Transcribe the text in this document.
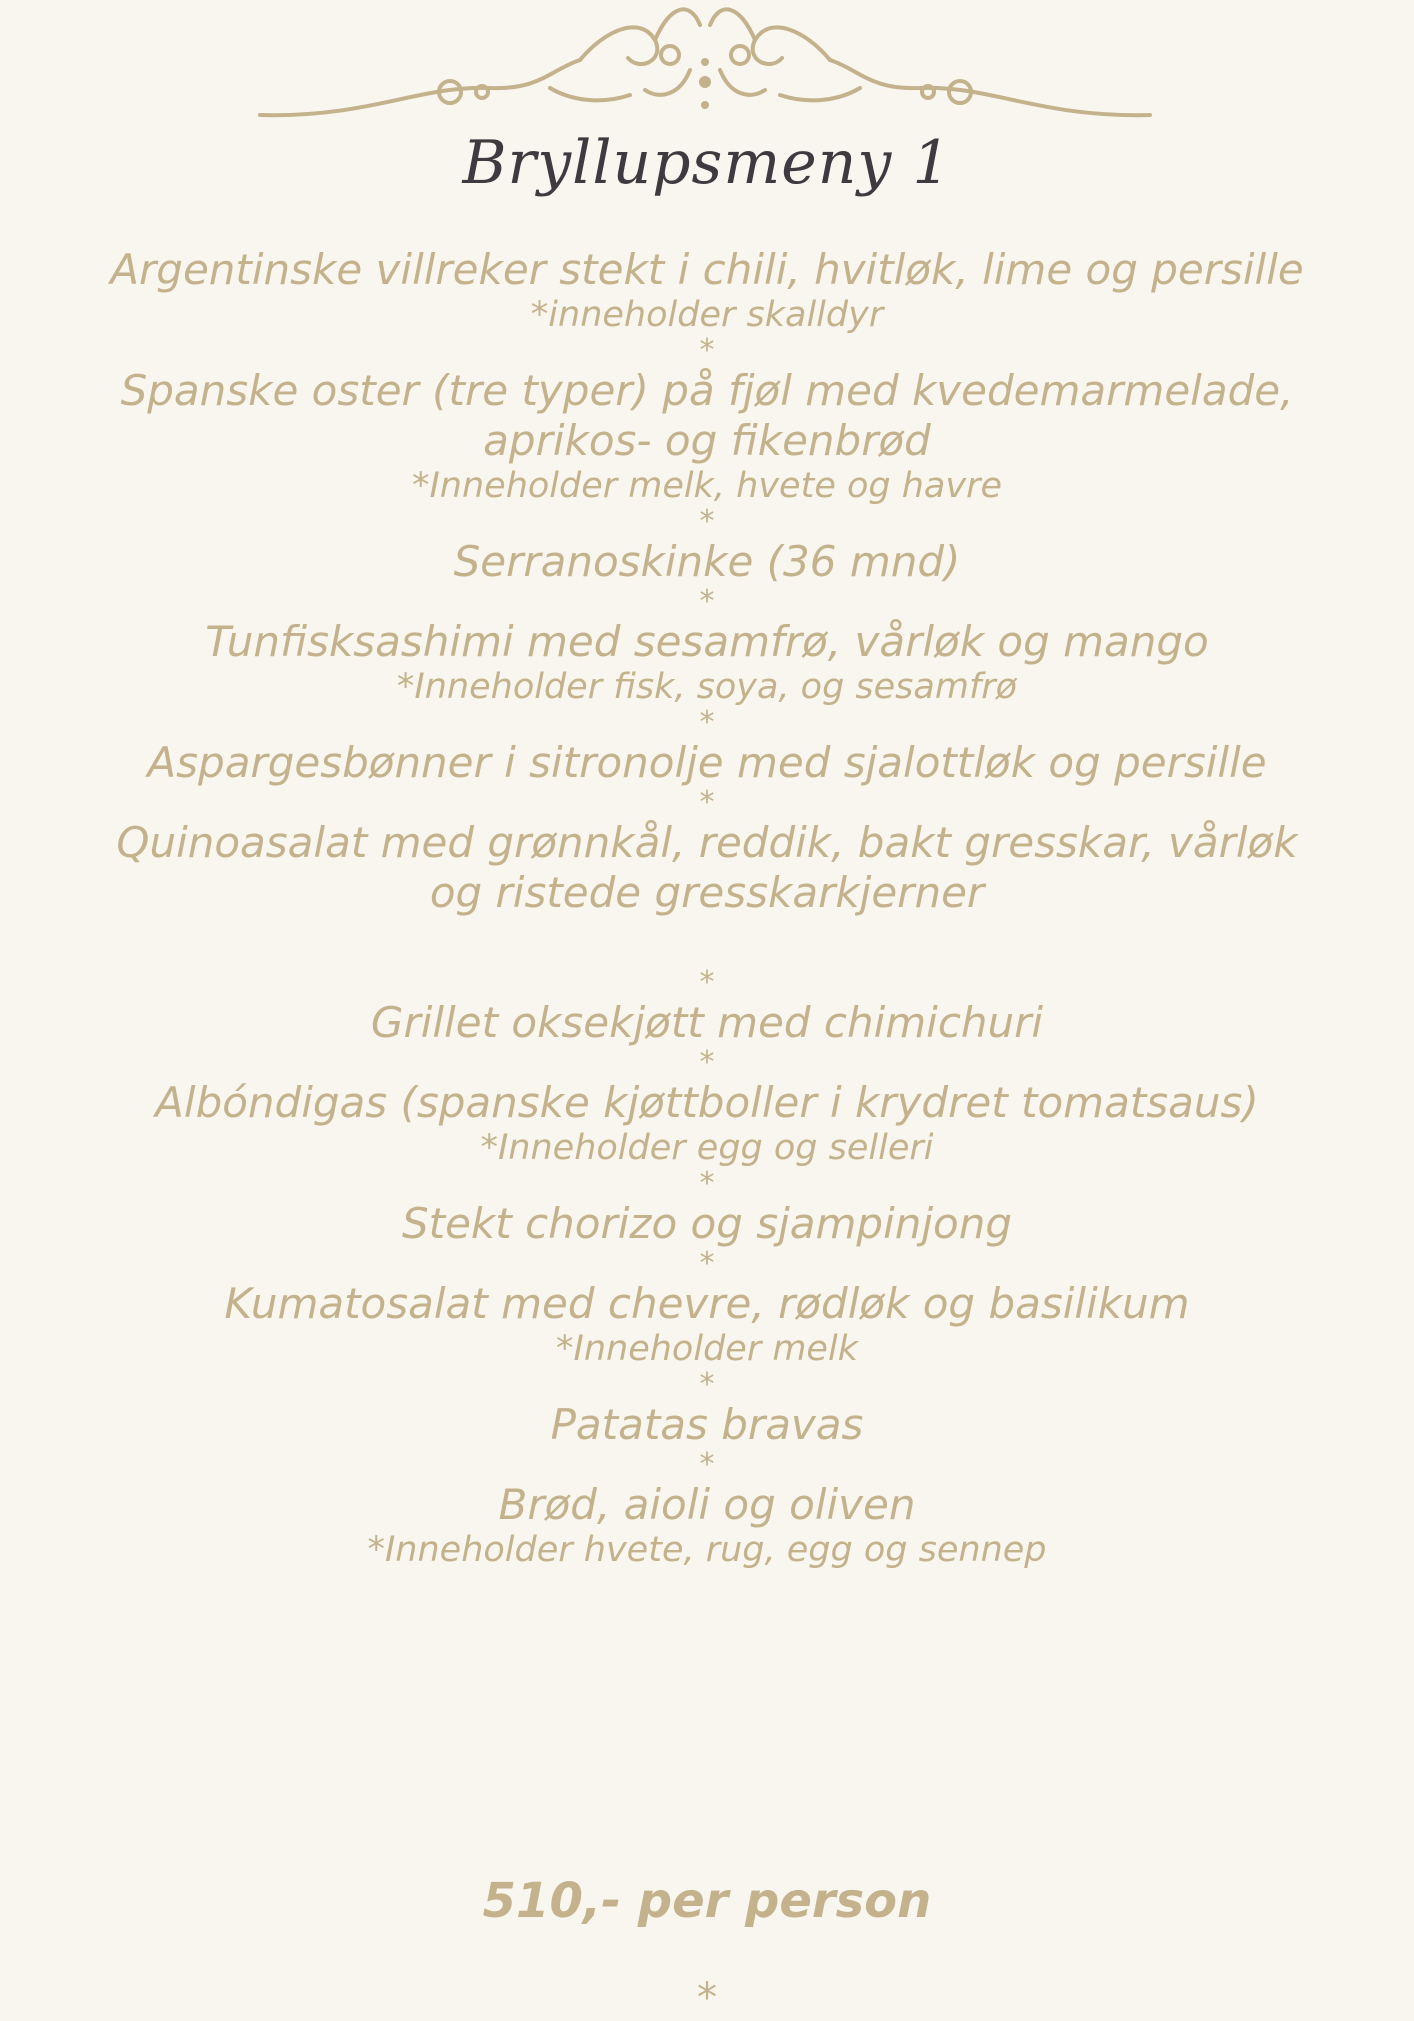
Bryllupsmeny 1
Argentinske villreker stekt i chili, hvitløk, lime og persille
*inneholder skalldyr
*
Spanske oster (tre typer) på fjøl med kvedemarmelade,
aprikos- og fikenbrød
*Inneholder melk, hvete og havre
*
Serranoskinke (36 mnd)
*
Tunfisksashimi med sesamfrø, vårløk og mango
*Inneholder fisk, soya, og sesamfrø
*
Aspargesbønner i sitronolje med sjalottløk og persille
*
Quinoasalat med grønnkål, reddik, bakt gresskar, vårløk
og ristede gresskarkjerner
*
Grillet oksekjøtt med chimichuri
*
Albóndigas (spanske kjøttboller i krydret tomatsaus)
*Inneholder egg og selleri
*
Stekt chorizo og sjampinjong
*
Kumatosalat med chevre, rødløk og basilikum
*Inneholder melk
*
Patatas bravas
*
Brød, aioli og oliven
*Inneholder hvete, rug, egg og sennep
510,- per person
*
